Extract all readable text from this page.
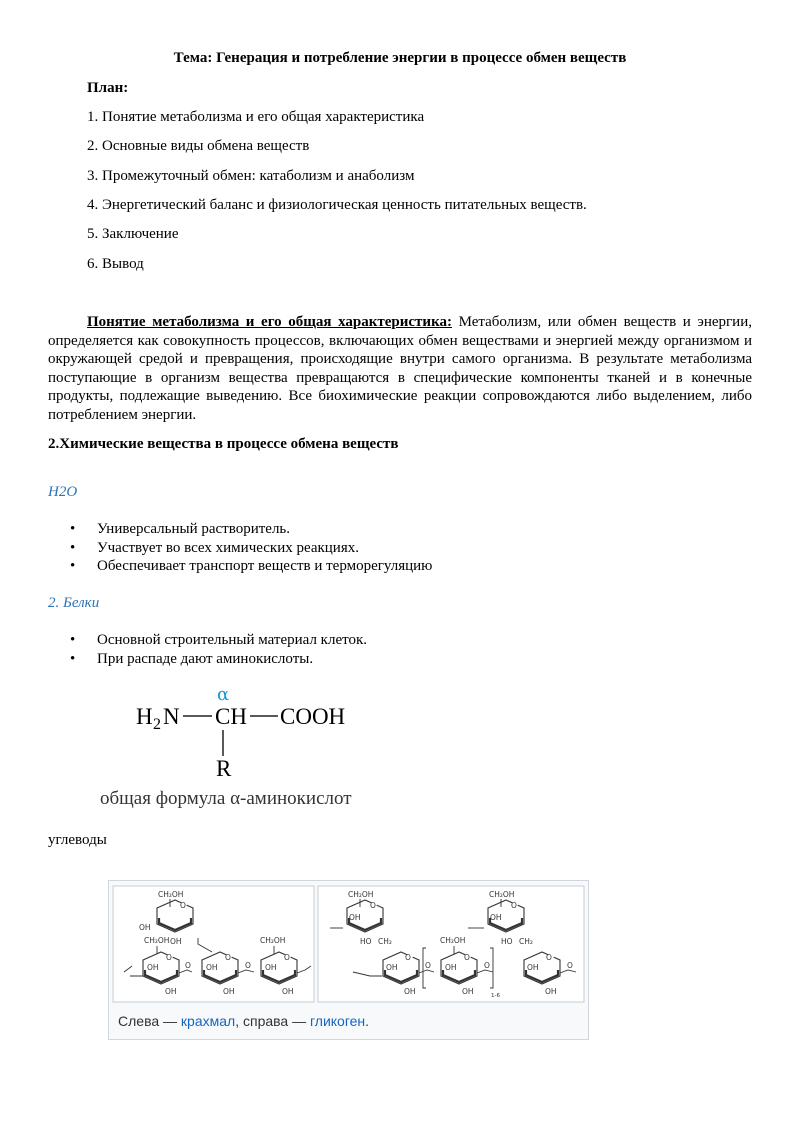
Тема: Генерация и потребление энергии в процессе обмен веществ
План:
1. Понятие метаболизма и его общая характеристика
2. Основные виды обмена веществ
3. Промежуточный обмен: катаболизм и анаболизм
4. Энергетический баланс и физиологическая ценность питательных веществ.
5. Заключение
6. Вывод
Понятие метаболизма и его общая характеристика: Метаболизм, или обмен веществ и энергии, определяется как совокупность процессов, включающих обмен веществами и энергией между организмом и окружающей средой и превращения, происходящие внутри самого организма. В результате метаболизма поступающие в организм вещества превращаются в специфические компоненты тканей и в конечные продукты, подлежащие выведению. Все биохимические реакции сопровождаются либо выделением, либо потреблением энергии.
2.Химические вещества в процессе обмена веществ
H2O
• Универсальный растворитель.
• Участвует во всех химических реакциях.
• Обеспечивает транспорт веществ и терморегуляцию
2. Белки
• Основной строительный материал клеток.
• При распаде дают аминокислоты.
α
H 2 N CH COOH
R
общая формула α-аминокислот
углеводы
CH₂OH
O
OH
OH
CH₂OH
O
OH
OH
O
O
OH
OH
O
CH₂OH
O
OH
OH
CH₂OH
O
OH
HO CH₂
O
OH
OH
O
CH₂OH
O
OH
OH
O
1-6
CH₂OH
O
OH
HO CH₂
O
OH
OH
O
Слева — крахмал, справа — гликоген.
